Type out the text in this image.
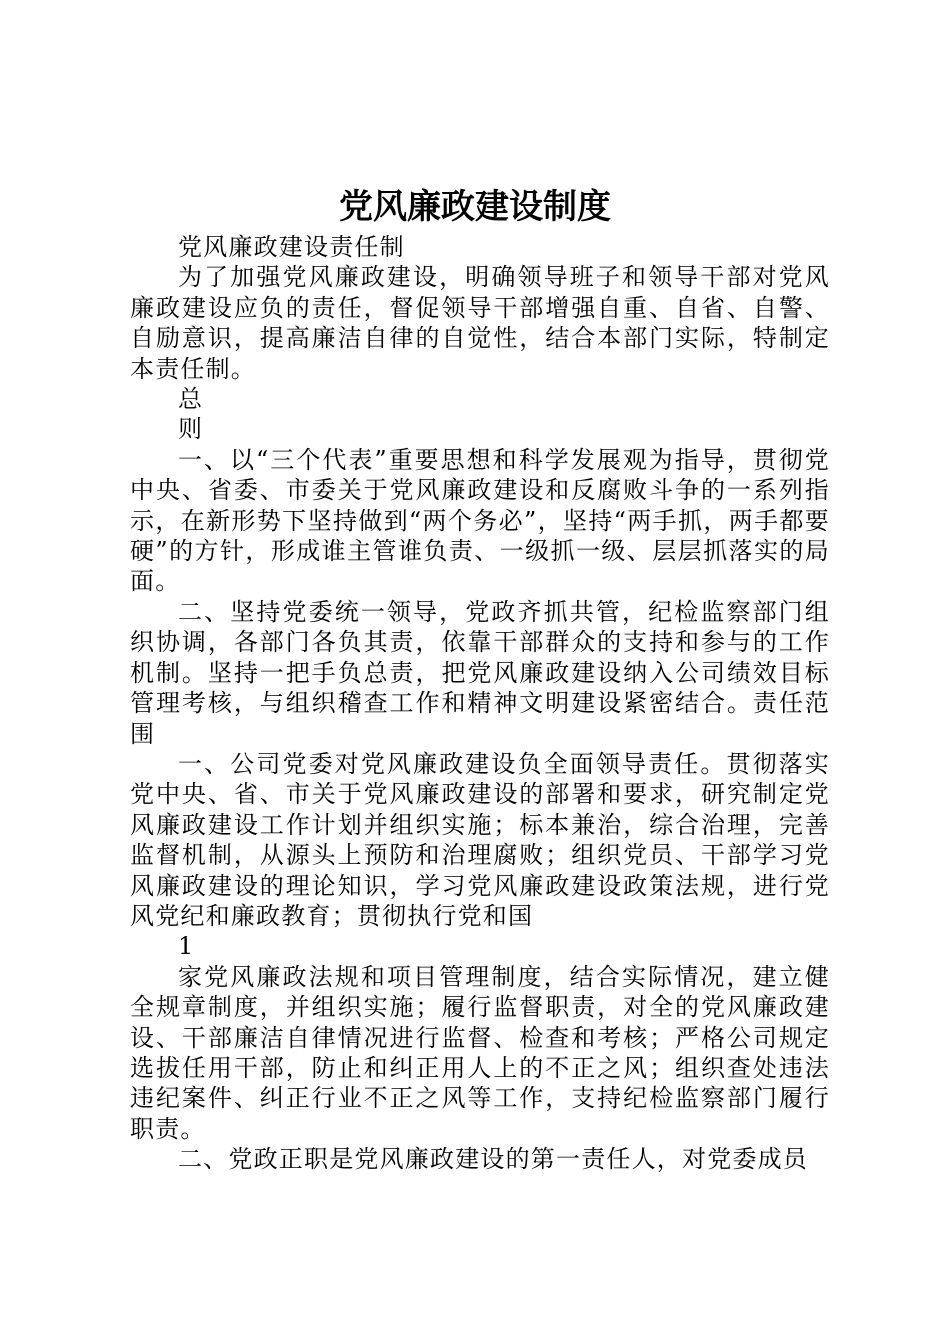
党风廉政建设制度

党风廉政建设责任制

为了加强党风廉政建设，明确领导班子和领导干部对党风廉政建设应负的责任，督促领导干部增强自重、自省、自警、自励意识，提高廉洁自律的自觉性，结合本部门实际，特制定本责任制。

总

则

一、以“三个代表”重要思想和科学发展观为指导，贯彻党中央、省委、市委关于党风廉政建设和反腐败斗争的一系列指示，在新形势下坚持做到“两个务必”，坚持“两手抓，两手都要硬”的方针，形成谁主管谁负责、一级抓一级、层层抓落实的局面。

二、坚持党委统一领导，党政齐抓共管，纪检监察部门组织协调，各部门各负其责，依靠干部群众的支持和参与的工作机制。坚持一把手负总责，把党风廉政建设纳入公司绩效目标管理考核，与组织稽查工作和精神文明建设紧密结合。责任范围

一、公司党委对党风廉政建设负全面领导责任。贯彻落实党中央、省、市关于党风廉政建设的部署和要求，研究制定党风廉政建设工作计划并组织实施；标本兼治，综合治理，完善监督机制，从源头上预防和治理腐败；组织党员、干部学习党风廉政建设的理论知识，学习党风廉政建设政策法规，进行党风党纪和廉政教育；贯彻执行党和国

1

家党风廉政法规和项目管理制度，结合实际情况，建立健全规章制度，并组织实施；履行监督职责，对全的党风廉政建设、干部廉洁自律情况进行监督、检查和考核；严格公司规定选拔任用干部，防止和纠正用人上的不正之风；组织查处违法违纪案件、纠正行业不正之风等工作，支持纪检监察部门履行职责。

二、党政正职是党风廉政建设的第一责任人，对党委成员
